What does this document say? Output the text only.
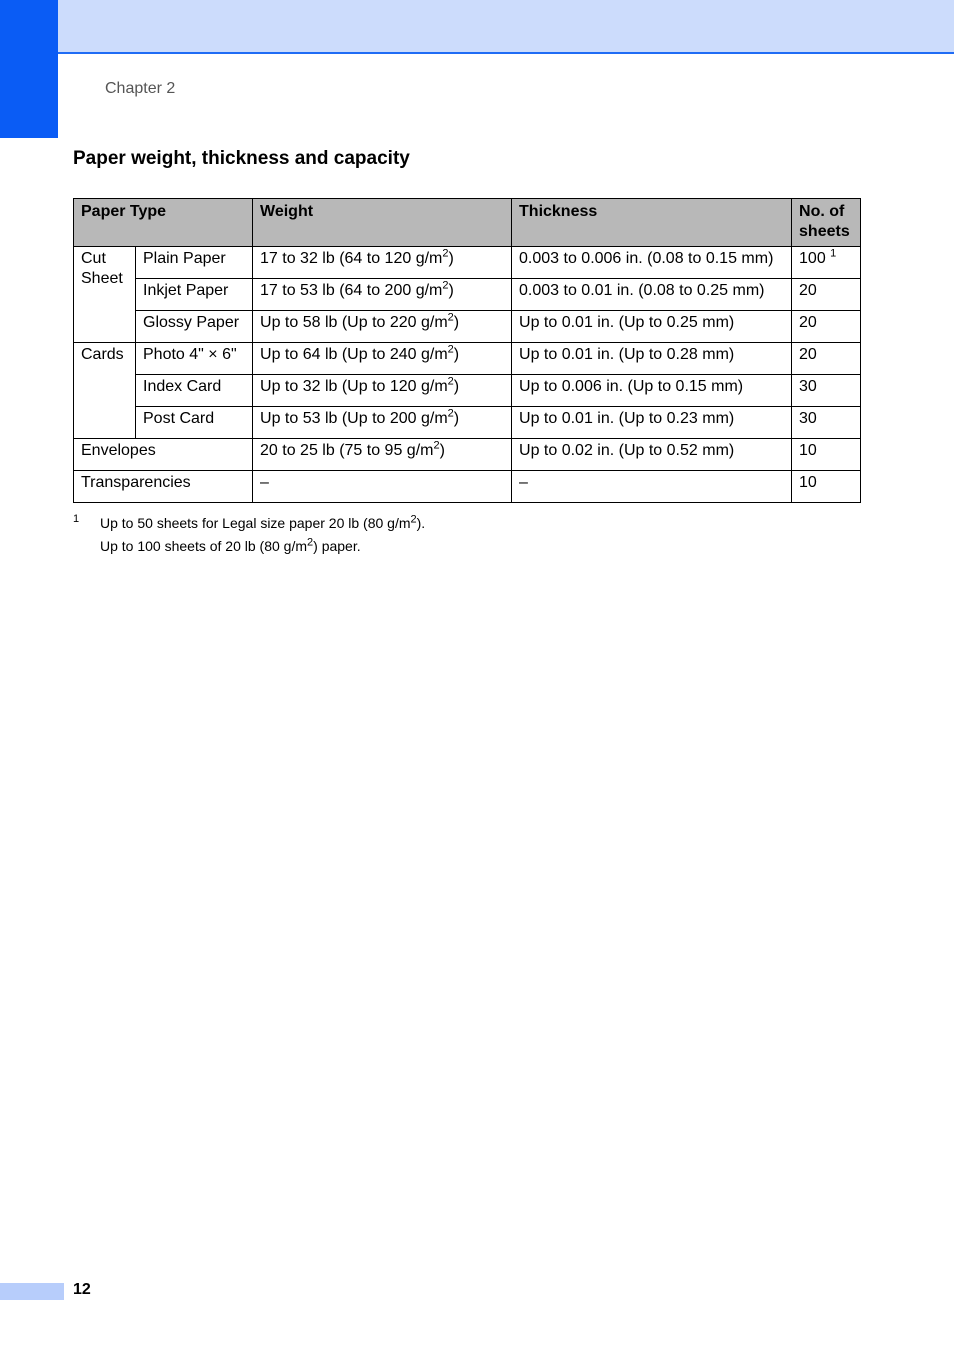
Chapter 2
Paper weight, thickness and capacity
Paper Type		Weight	Thickness	No. of
sheets
Cut Sheet	Plain Paper	17 to 32 lb (64 to 120 $g/m^2$)	0.003 to 0.006 in. (0.08 to 0.15 mm)	100 $^1$
	Inkjet Paper	17 to 53 lb (64 to 200 $g/m^2$)	0.003 to 0.01 in. (0.08 to 0.25 mm)	20
	Glossy Paper	Up to 58 lb (Up to 220 $g/m^2$)	Up to 0.01 in. (Up to 0.25 mm)	20
Cards	Photo 4" × 6"	Up to 64 lb (Up to 240 $g/m^2$)	Up to 0.01 in. (Up to 0.28 mm)	20
	Index Card	Up to 32 lb (Up to 120 $g/m^2$)	Up to 0.006 in. (Up to 0.15 mm)	30
	Post Card	Up to 53 lb (Up to 200 $g/m^2$)	Up to 0.01 in. (Up to 0.23 mm)	30
Envelopes		20 to 25 lb (75 to 95 $g/m^2$)	Up to 0.02 in. (Up to 0.52 mm)	10
Transparencies		–	–	10
1 Up to 50 sheets for Legal size paper 20 lb (80 $g/m^2$).
Up to 100 sheets of 20 lb (80 $g/m^2$) paper.
12
